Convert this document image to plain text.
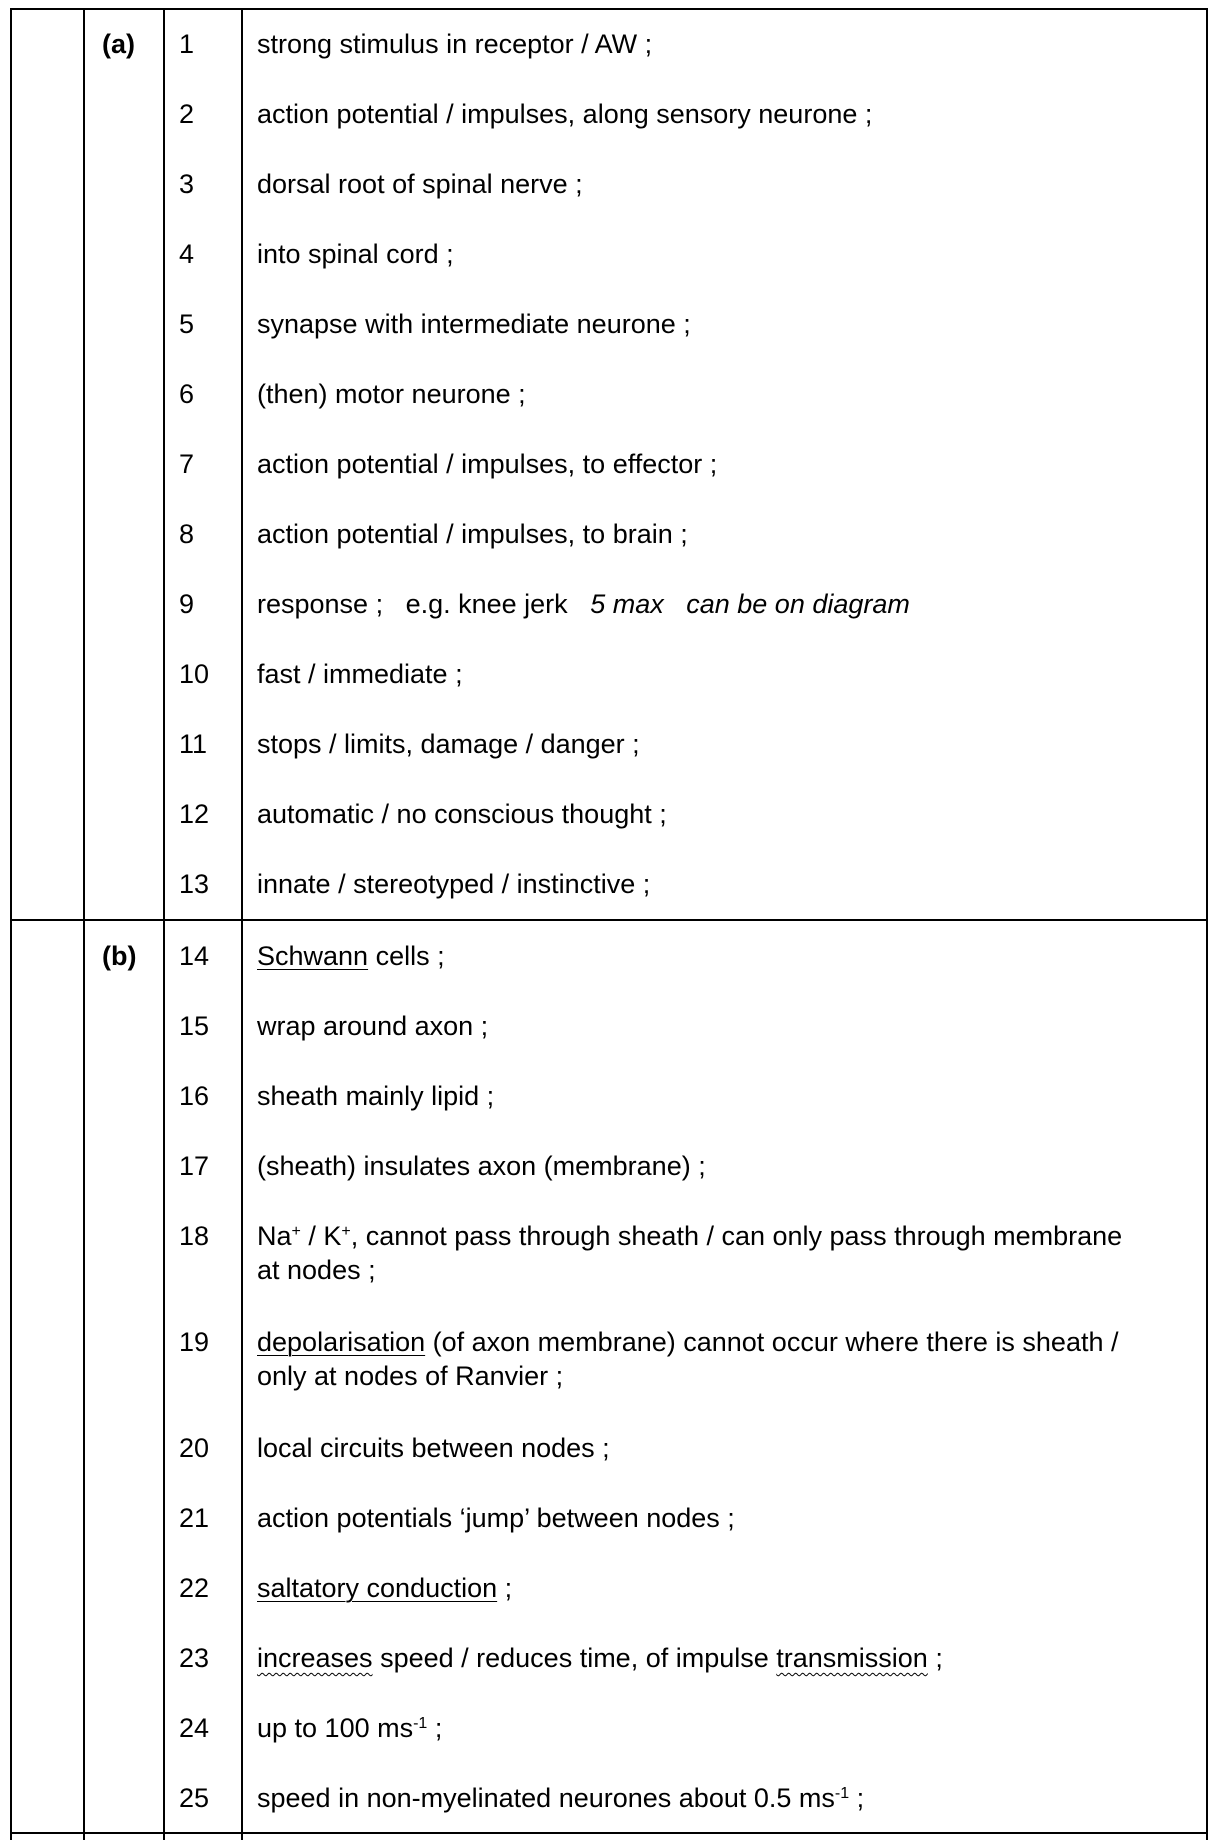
(a) 1 strong stimulus in receptor / AW ;
2 action potential / impulses, along sensory neurone ;
3 dorsal root of spinal nerve ;
4 into spinal cord ;
5 synapse with intermediate neurone ;
6 (then) motor neurone ;
7 action potential / impulses, to effector ;
8 action potential / impulses, to brain ;
9 response ;   e.g. knee jerk   5 max can be on diagram
10 fast / immediate ;
11 stops / limits, damage / danger ;
12 automatic / no conscious thought ;
13 innate / stereotyped / instinctive ;
(b) 14 Schwann cells ;
15 wrap around axon ;
16 sheath mainly lipid ;
17 (sheath) insulates axon (membrane) ;
18 Na+ / K+, cannot pass through sheath / can only pass through membrane at nodes ;
19 depolarisation (of axon membrane) cannot occur where there is sheath / only at nodes of Ranvier ;
20 local circuits between nodes ;
21 action potentials ‘jump’ between nodes ;
22 saltatory conduction ;
23 increases speed / reduces time, of impulse transmission ;
24 up to 100 $ms^{-1}$ ;
25 speed in non-myelinated neurones about 0.5 $ms^{-1}$ ;
